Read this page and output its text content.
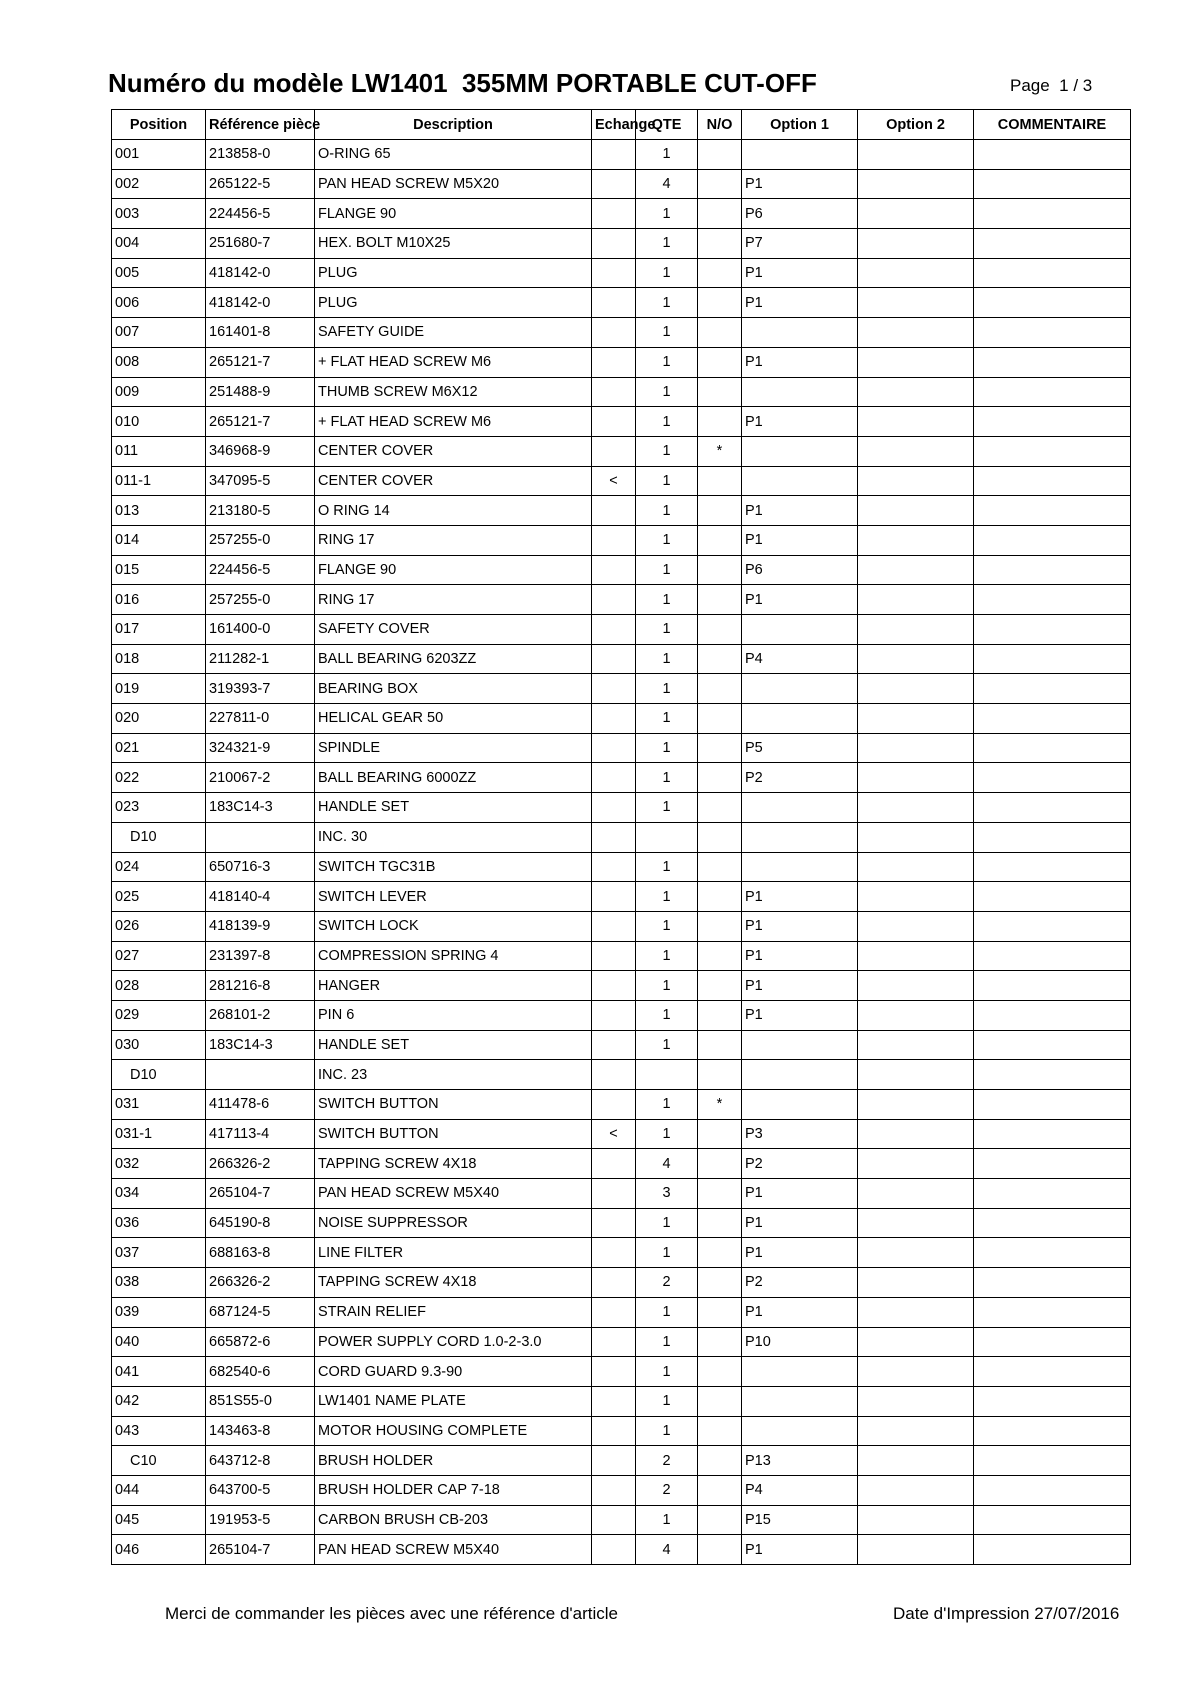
Numéro du modèle LW1401  355MM PORTABLE CUT-OFF	Page  1 / 3
Position	Référence pièce	Description	Echange	QTE	N/O	Option 1	Option 2	COMMENTAIRE
001	213858-0	O-RING 65		1				
002	265122-5	PAN HEAD SCREW M5X20		4		P1		
003	224456-5	FLANGE 90		1		P6		
004	251680-7	HEX. BOLT M10X25		1		P7		
005	418142-0	PLUG		1		P1		
006	418142-0	PLUG		1		P1		
007	161401-8	SAFETY GUIDE		1				
008	265121-7	+ FLAT HEAD SCREW M6		1		P1		
009	251488-9	THUMB SCREW M6X12		1				
010	265121-7	+ FLAT HEAD SCREW M6		1		P1		
011	346968-9	CENTER COVER		1	*			
011-1	347095-5	CENTER COVER	<	1				
013	213180-5	O RING 14		1		P1		
014	257255-0	RING 17		1		P1		
015	224456-5	FLANGE 90		1		P6		
016	257255-0	RING 17		1		P1		
017	161400-0	SAFETY COVER		1				
018	211282-1	BALL BEARING 6203ZZ		1		P4		
019	319393-7	BEARING BOX		1				
020	227811-0	HELICAL GEAR 50		1				
021	324321-9	SPINDLE		1		P5		
022	210067-2	BALL BEARING 6000ZZ		1		P2		
023	183C14-3	HANDLE SET		1				
D10		INC. 30						
024	650716-3	SWITCH TGC31B		1				
025	418140-4	SWITCH LEVER		1		P1		
026	418139-9	SWITCH LOCK		1		P1		
027	231397-8	COMPRESSION SPRING 4		1		P1		
028	281216-8	HANGER		1		P1		
029	268101-2	PIN 6		1		P1		
030	183C14-3	HANDLE SET		1				
D10		INC. 23						
031	411478-6	SWITCH BUTTON		1	*			
031-1	417113-4	SWITCH BUTTON	<	1		P3		
032	266326-2	TAPPING SCREW 4X18		4		P2		
034	265104-7	PAN HEAD SCREW M5X40		3		P1		
036	645190-8	NOISE SUPPRESSOR		1		P1		
037	688163-8	LINE FILTER		1		P1		
038	266326-2	TAPPING SCREW 4X18		2		P2		
039	687124-5	STRAIN RELIEF		1		P1		
040	665872-6	POWER SUPPLY CORD 1.0-2-3.0		1		P10		
041	682540-6	CORD GUARD 9.3-90		1				
042	851S55-0	LW1401 NAME PLATE		1				
043	143463-8	MOTOR HOUSING COMPLETE		1				
C10	643712-8	BRUSH HOLDER		2		P13		
044	643700-5	BRUSH HOLDER CAP 7-18		2		P4		
045	191953-5	CARBON BRUSH CB-203		1		P15		
046	265104-7	PAN HEAD SCREW M5X40		4		P1		
Merci de commander les pièces avec une référence d'article	Date d'Impression 27/07/2016
